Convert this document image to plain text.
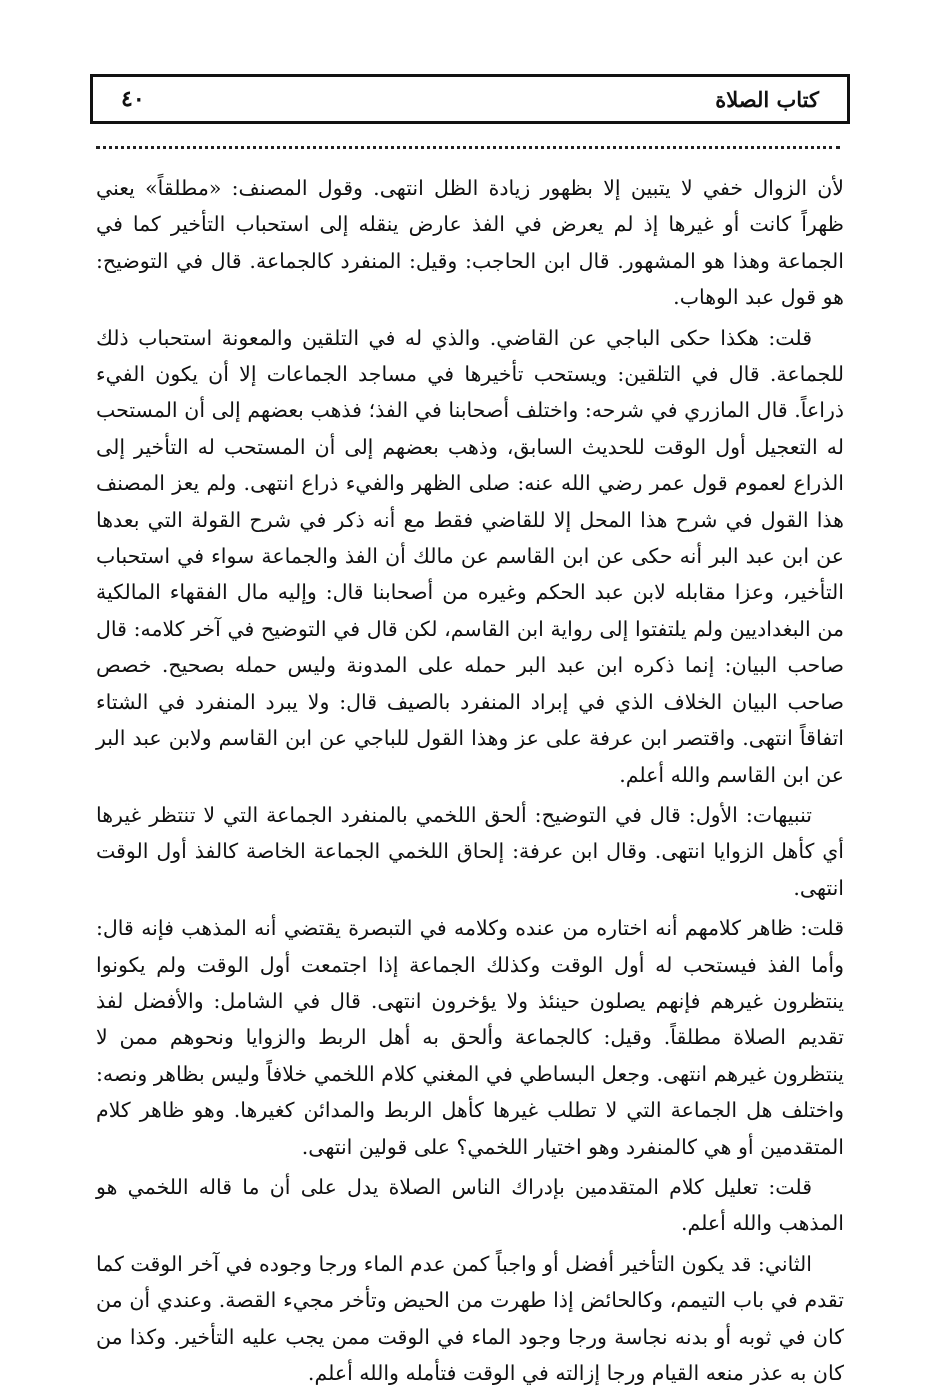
كتاب الصلاة
٤٠

لأن الزوال خفي لا يتبين إلا بظهور زيادة الظل انتهى. وقول المصنف: «مطلقاً» يعني ظهراً كانت أو غيرها إذ لم يعرض في الفذ عارض ينقله إلى استحباب التأخير كما في الجماعة وهذا هو المشهور. قال ابن الحاجب: وقيل: المنفرد كالجماعة. قال في التوضيح: هو قول عبد الوهاب.

قلت: هكذا حكى الباجي عن القاضي. والذي له في التلقين والمعونة استحباب ذلك للجماعة. قال في التلقين: ويستحب تأخيرها في مساجد الجماعات إلا أن يكون الفيء ذراعاً. قال المازري في شرحه: واختلف أصحابنا في الفذ؛ فذهب بعضهم إلى أن المستحب له التعجيل أول الوقت للحديث السابق، وذهب بعضهم إلى أن المستحب له التأخير إلى الذراع لعموم قول عمر رضي الله عنه: صلى الظهر والفيء ذراع انتهى. ولم يعز المصنف هذا القول في شرح هذا المحل إلا للقاضي فقط مع أنه ذكر في شرح القولة التي بعدها عن ابن عبد البر أنه حكى عن ابن القاسم عن مالك أن الفذ والجماعة سواء في استحباب التأخير، وعزا مقابله لابن عبد الحكم وغيره من أصحابنا قال: وإليه مال الفقهاء المالكية من البغداديين ولم يلتفتوا إلى رواية ابن القاسم، لكن قال في التوضيح في آخر كلامه: قال صاحب البيان: إنما ذكره ابن عبد البر حمله على المدونة وليس حمله بصحيح. خصص صاحب البيان الخلاف الذي في إبراد المنفرد بالصيف قال: ولا يبرد المنفرد في الشتاء اتفاقاً انتهى. واقتصر ابن عرفة على عز وهذا القول للباجي عن ابن القاسم ولابن عبد البر عن ابن القاسم والله أعلم.

تنبيهات: الأول: قال في التوضيح: ألحق اللخمي بالمنفرد الجماعة التي لا تنتظر غيرها أي كأهل الزوايا انتهى. وقال ابن عرفة: إلحاق اللخمي الجماعة الخاصة كالفذ أول الوقت انتهى.

قلت: ظاهر كلامهم أنه اختاره من عنده وكلامه في التبصرة يقتضي أنه المذهب فإنه قال: وأما الفذ فيستحب له أول الوقت وكذلك الجماعة إذا اجتمعت أول الوقت ولم يكونوا ينتظرون غيرهم فإنهم يصلون حينئذ ولا يؤخرون انتهى. قال في الشامل: والأفضل لفذ تقديم الصلاة مطلقاً. وقيل: كالجماعة وألحق به أهل الربط والزوايا ونحوهم ممن لا ينتظرون غيرهم انتهى. وجعل البساطي في المغني كلام اللخمي خلافاً وليس بظاهر ونصه: واختلف هل الجماعة التي لا تطلب غيرها كأهل الربط والمدائن كغيرها. وهو ظاهر كلام المتقدمين أو هي كالمنفرد وهو اختيار اللخمي؟ على قولين انتهى.

قلت: تعليل كلام المتقدمين بإدراك الناس الصلاة يدل على أن ما قاله اللخمي هو المذهب والله أعلم.

الثاني: قد يكون التأخير أفضل أو واجباً كمن عدم الماء ورجا وجوده في آخر الوقت كما تقدم في باب التيمم، وكالحائض إذا طهرت من الحيض وتأخر مجيء القصة. وعندي أن من كان في ثوبه أو بدنه نجاسة ورجا وجود الماء في الوقت ممن يجب عليه التأخير. وكذا من كان به عذر منعه القيام ورجا إزالته في الوقت فتأمله والله أعلم.
